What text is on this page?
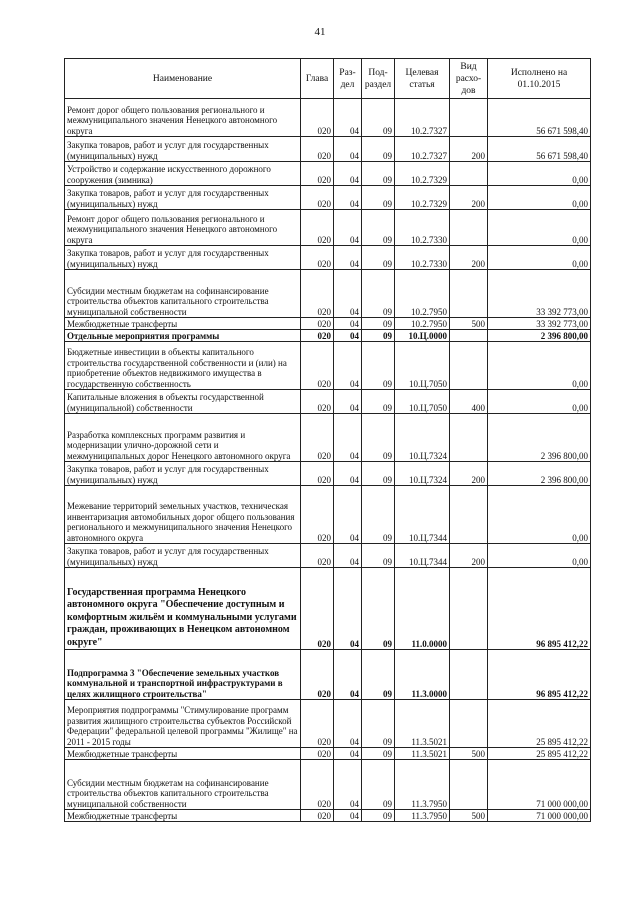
41
Наименование	Глава	Раз-дел	Под-раздел	Целевая статья	Вид расхо-дов	Исполнено на 01.10.2015
Ремонт дорог общего пользования регионального и межмуниципального значения Ненецкого автономного округа	020	04	09	10.2.7327		56 671 598,40
Закупка товаров, работ и услуг для государственных (муниципальных) нужд	020	04	09	10.2.7327	200	56 671 598,40
Устройство и содержание искусственного дорожного сооружения (зимника)	020	04	09	10.2.7329		0,00
Закупка товаров, работ и услуг для государственных (муниципальных) нужд	020	04	09	10.2.7329	200	0,00
Ремонт дорог общего пользования регионального и межмуниципального значения Ненецкого автономного округа	020	04	09	10.2.7330		0,00
Закупка товаров, работ и услуг для государственных (муниципальных) нужд	020	04	09	10.2.7330	200	0,00
Субсидии местным бюджетам на софинансирование строительства объектов капитального строительства муниципальной собственности	020	04	09	10.2.7950		33 392 773,00
Межбюджетные трансферты	020	04	09	10.2.7950	500	33 392 773,00
Отдельные мероприятия программы	020	04	09	10.Ц.0000		2 396 800,00
Бюджетные инвестиции в объекты капитального строительства государственной собственности и (или) на приобретение объектов недвижимого имущества в государственную собственность	020	04	09	10.Ц.7050		0,00
Капитальные вложения в объекты государственной (муниципальной) собственности	020	04	09	10.Ц.7050	400	0,00
Разработка комплексных программ развития и модернизации улично-дорожной сети и межмуниципальных дорог Ненецкого автономного округа	020	04	09	10.Ц.7324		2 396 800,00
Закупка товаров, работ и услуг для государственных (муниципальных) нужд	020	04	09	10.Ц.7324	200	2 396 800,00
Межевание территорий земельных участков, техническая инвентаризация автомобильных дорог общего пользования регионального и межмуниципального значения Ненецкого автономного округа	020	04	09	10.Ц.7344		0,00
Закупка товаров, работ и услуг для государственных (муниципальных) нужд	020	04	09	10.Ц.7344	200	0,00
Государственная программа Ненецкого автономного округа "Обеспечение доступным и комфортным жильём и коммунальными услугами граждан, проживающих в Ненецком автономном округе"	020	04	09	11.0.0000		96 895 412,22
Подпрограмма 3 "Обеспечение земельных участков коммунальной и транспортной инфраструктурами в целях жилищного строительства"	020	04	09	11.3.0000		96 895 412,22
Мероприятия подпрограммы "Стимулирование программ развития жилищного строительства субъектов Российской Федерации" федеральной целевой программы "Жилище" на 2011 - 2015 годы	020	04	09	11.3.5021		25 895 412,22
Межбюджетные трансферты	020	04	09	11.3.5021	500	25 895 412,22
Субсидии местным бюджетам на софинансирование строительства объектов капитального строительства муниципальной собственности	020	04	09	11.3.7950		71 000 000,00
Межбюджетные трансферты	020	04	09	11.3.7950	500	71 000 000,00
